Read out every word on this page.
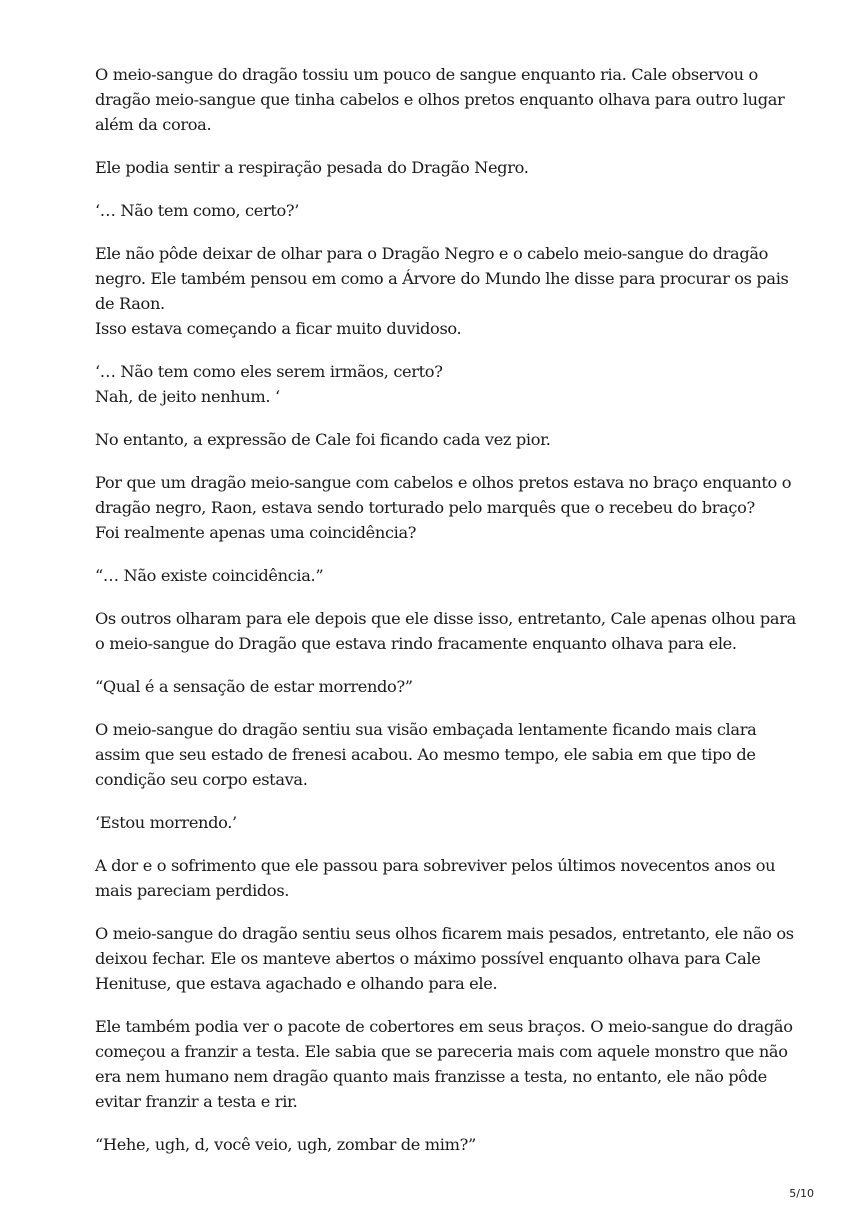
O meio-sangue do dragão tossiu um pouco de sangue enquanto ria. Cale observou o
dragão meio-sangue que tinha cabelos e olhos pretos enquanto olhava para outro lugar
além da coroa.

Ele podia sentir a respiração pesada do Dragão Negro.

‘… Não tem como, certo?’

Ele não pôde deixar de olhar para o Dragão Negro e o cabelo meio-sangue do dragão
negro. Ele também pensou em como a Árvore do Mundo lhe disse para procurar os pais
de Raon.
Isso estava começando a ficar muito duvidoso.

‘… Não tem como eles serem irmãos, certo?
Nah, de jeito nenhum. ‘

No entanto, a expressão de Cale foi ficando cada vez pior.

Por que um dragão meio-sangue com cabelos e olhos pretos estava no braço enquanto o
dragão negro, Raon, estava sendo torturado pelo marquês que o recebeu do braço?
Foi realmente apenas uma coincidência?

“… Não existe coincidência.”

Os outros olharam para ele depois que ele disse isso, entretanto, Cale apenas olhou para
o meio-sangue do Dragão que estava rindo fracamente enquanto olhava para ele.

“Qual é a sensação de estar morrendo?”

O meio-sangue do dragão sentiu sua visão embaçada lentamente ficando mais clara
assim que seu estado de frenesi acabou. Ao mesmo tempo, ele sabia em que tipo de
condição seu corpo estava.

‘Estou morrendo.’

A dor e o sofrimento que ele passou para sobreviver pelos últimos novecentos anos ou
mais pareciam perdidos.

O meio-sangue do dragão sentiu seus olhos ficarem mais pesados, entretanto, ele não os
deixou fechar. Ele os manteve abertos o máximo possível enquanto olhava para Cale
Henituse, que estava agachado e olhando para ele.

Ele também podia ver o pacote de cobertores em seus braços. O meio-sangue do dragão
começou a franzir a testa. Ele sabia que se pareceria mais com aquele monstro que não
era nem humano nem dragão quanto mais franzisse a testa, no entanto, ele não pôde
evitar franzir a testa e rir.

“Hehe, ugh, d, você veio, ugh, zombar de mim?”

5/10
